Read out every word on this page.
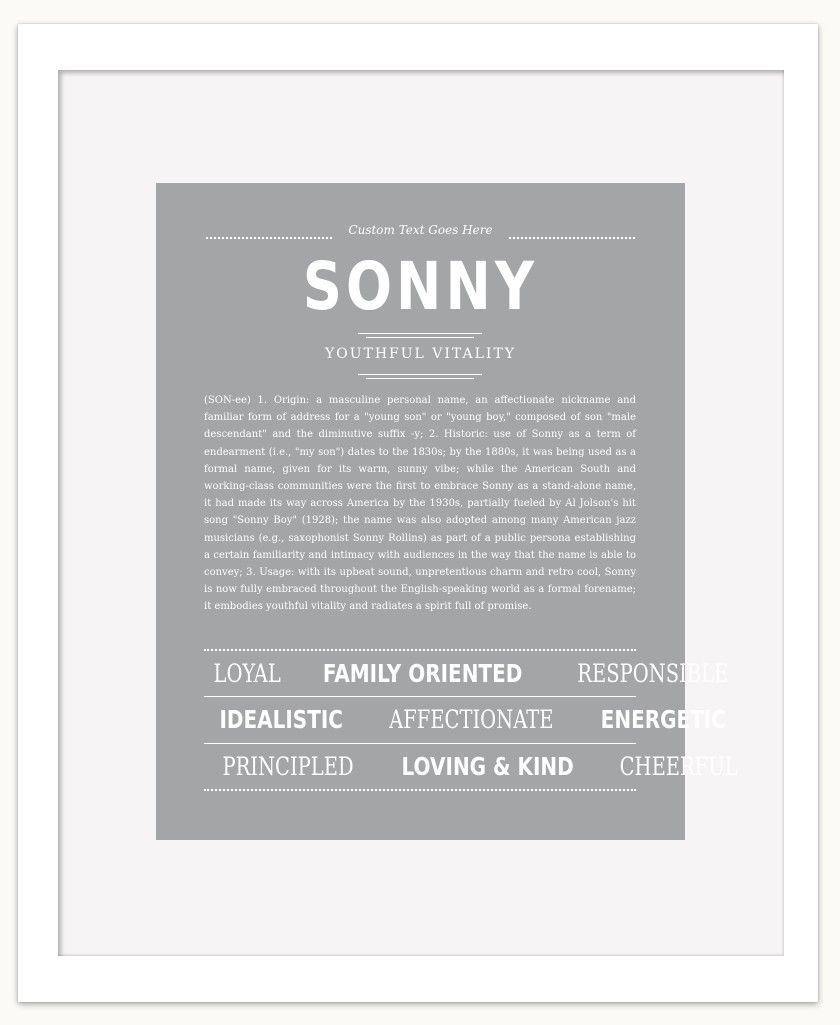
Custom Text Goes Here
SONNY
YOUTHFUL VITALITY
(SON-ee) 1. Origin: a masculine personal name, an affectionate nickname and familiar form of address for a "young son" or "young boy," composed of son "male descendant" and the diminutive suffix -y; 2. Historic: use of Sonny as a term of endearment (i.e., "my son") dates to the 1830s; by the 1880s, it was being used as a formal name, given for its warm, sunny vibe; while the American South and working-class communities were the first to embrace Sonny as a stand-alone name, it had made its way across America by the 1930s, partially fueled by Al Jolson's hit song "Sonny Boy" (1928); the name was also adopted among many American jazz musicians (e.g., saxophonist Sonny Rollins) as part of a public persona establishing a certain familiarity and intimacy with audiences in the way that the name is able to convey; 3. Usage: with its upbeat sound, unpretentious charm and retro cool, Sonny is now fully embraced throughout the English-speaking world as a formal forename; it embodies youthful vitality and radiates a spirit full of promise.
LOYAL FAMILY ORIENTED RESPONSIBLE
IDEALISTIC AFFECTIONATE ENERGETIC
PRINCIPLED LOVING & KIND CHEERFUL
